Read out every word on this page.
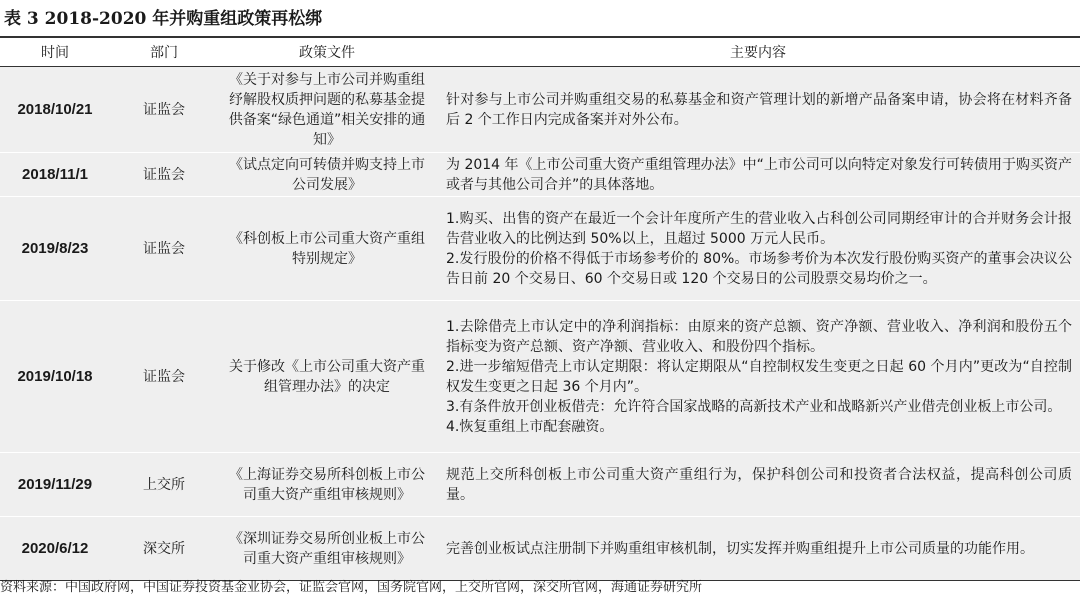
表 3 2018-2020 年并购重组政策再松绑
时间	部门	政策文件	主要内容
2018/10/21	证监会	《关于对参与上市公司并购重组纾解股权质押问题的私募基金提供备案“绿色通道”相关安排的通知》	针对参与上市公司并购重组交易的私募基金和资产管理计划的新增产品备案申请，协会将在材料齐备后 2 个工作日内完成备案并对外公布。

2018/11/1	证监会	《试点定向可转债并购支持上市公司发展》	为 2014 年《上市公司重大资产重组管理办法》中“上市公司可以向特定对象发行可转债用于购买资产或者与其他公司合并”的具体落地。

2019/8/23	证监会	《科创板上市公司重大资产重组特别规定》	1.购买、出售的资产在最近一个会计年度所产生的营业收入占科创公司同期经审计的合并财务会计报告营业收入的比例达到 50%以上，且超过 5000 万元人民币。
2.发行股份的价格不得低于市场参考价的 80%。市场参考价为本次发行股份购买资产的董事会决议公告日前 20 个交易日、60 个交易日或 120 个交易日的公司股票交易均价之一。

2019/10/18	证监会	关于修改《上市公司重大资产重组管理办法》的决定	1.去除借壳上市认定中的净利润指标：由原来的资产总额、资产净额、营业收入、净利润和股份五个指标变为资产总额、资产净额、营业收入、和股份四个指标。
2.进一步缩短借壳上市认定期限：将认定期限从“自控制权发生变更之日起 60 个月内”更改为“自控制权发生变更之日起 36 个月内”。
3.有条件放开创业板借壳：允许符合国家战略的高新技术产业和战略新兴产业借壳创业板上市公司。
4.恢复重组上市配套融资。

2019/11/29	上交所	《上海证券交易所科创板上市公司重大资产重组审核规则》	规范上交所科创板上市公司重大资产重组行为，保护科创公司和投资者合法权益，提高科创公司质量。

2020/6/12	深交所	《深圳证券交易所创业板上市公司重大资产重组审核规则》	完善创业板试点注册制下并购重组审核机制，切实发挥并购重组提升上市公司质量的功能作用。
资料来源：中国政府网，中国证券投资基金业协会，证监会官网，国务院官网，上交所官网，深交所官网，海通证券研究所
